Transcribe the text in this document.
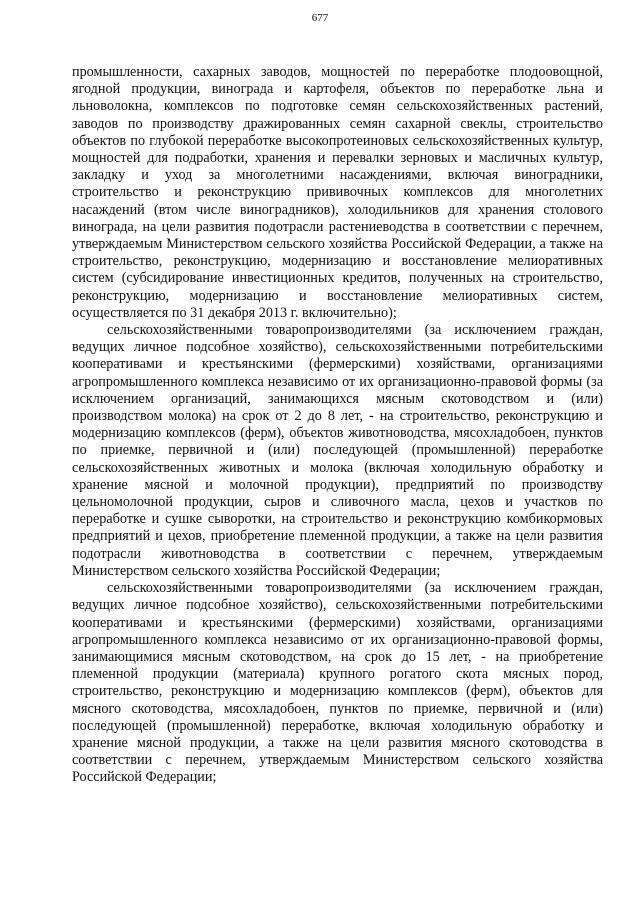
677

промышленности, сахарных заводов, мощностей по переработке плодоовощной, ягодной продукции, винограда и картофеля, объектов по переработке льна и льноволокна, комплексов по подготовке семян сельскохозяйственных растений, заводов по производству дражированных семян сахарной свеклы, строительство объектов по глубокой переработке высокопротеиновых сельскохозяйственных культур, мощностей для подработки, хранения и перевалки зерновых и масличных культур, закладку и уход за многолетними насаждениями, включая виноградники, строительство и реконструкцию прививочных комплексов для многолетних насаждений (втом числе виноградников), холодильников для хранения столового винограда, на цели развития подотрасли растениеводства в соответствии с перечнем, утверждаемым Министерством сельского хозяйства Российской Федерации, а также на строительство, реконструкцию, модернизацию и восстановление мелиоративных систем (субсидирование инвестиционных кредитов, полученных на строительство, реконструкцию, модернизацию и восстановление мелиоративных систем, осуществляется по 31 декабря 2013 г. включительно);

сельскохозяйственными товаропроизводителями (за исключением граждан, ведущих личное подсобное хозяйство), сельскохозяйственными потребительскими кооперативами и крестьянскими (фермерскими) хозяйствами, организациями агропромышленного комплекса независимо от их организационно-правовой формы (за исключением организаций, занимающихся мясным скотоводством и (или) производством молока) на срок от 2 до 8 лет, - на строительство, реконструкцию и модернизацию комплексов (ферм), объектов животноводства, мясохладобоен, пунктов по приемке, первичной и (или) последующей (промышленной) переработке сельскохозяйственных животных и молока (включая холодильную обработку и хранение мясной и молочной продукции), предприятий по производству цельномолочной продукции, сыров и сливочного масла, цехов и участков по переработке и сушке сыворотки, на строительство и реконструкцию комбикормовых предприятий и цехов, приобретение племенной продукции, а также на цели развития подотрасли животноводства в соответствии с перечнем, утверждаемым Министерством сельского хозяйства Российской Федерации;

сельскохозяйственными товаропроизводителями (за исключением граждан, ведущих личное подсобное хозяйство), сельскохозяйственными потребительскими кооперативами и крестьянскими (фермерскими) хозяйствами, организациями агропромышленного комплекса независимо от их организационно-правовой формы, занимающимися мясным скотоводством, на срок до 15 лет, - на приобретение племенной продукции (материала) крупного рогатого скота мясных пород, строительство, реконструкцию и модернизацию комплексов (ферм), объектов для мясного скотоводства, мясохладобоен, пунктов по приемке, первичной и (или) последующей (промышленной) переработке, включая холодильную обработку и хранение мясной продукции, а также на цели развития мясного скотоводства в соответствии с перечнем, утверждаемым Министерством сельского хозяйства Российской Федерации;
